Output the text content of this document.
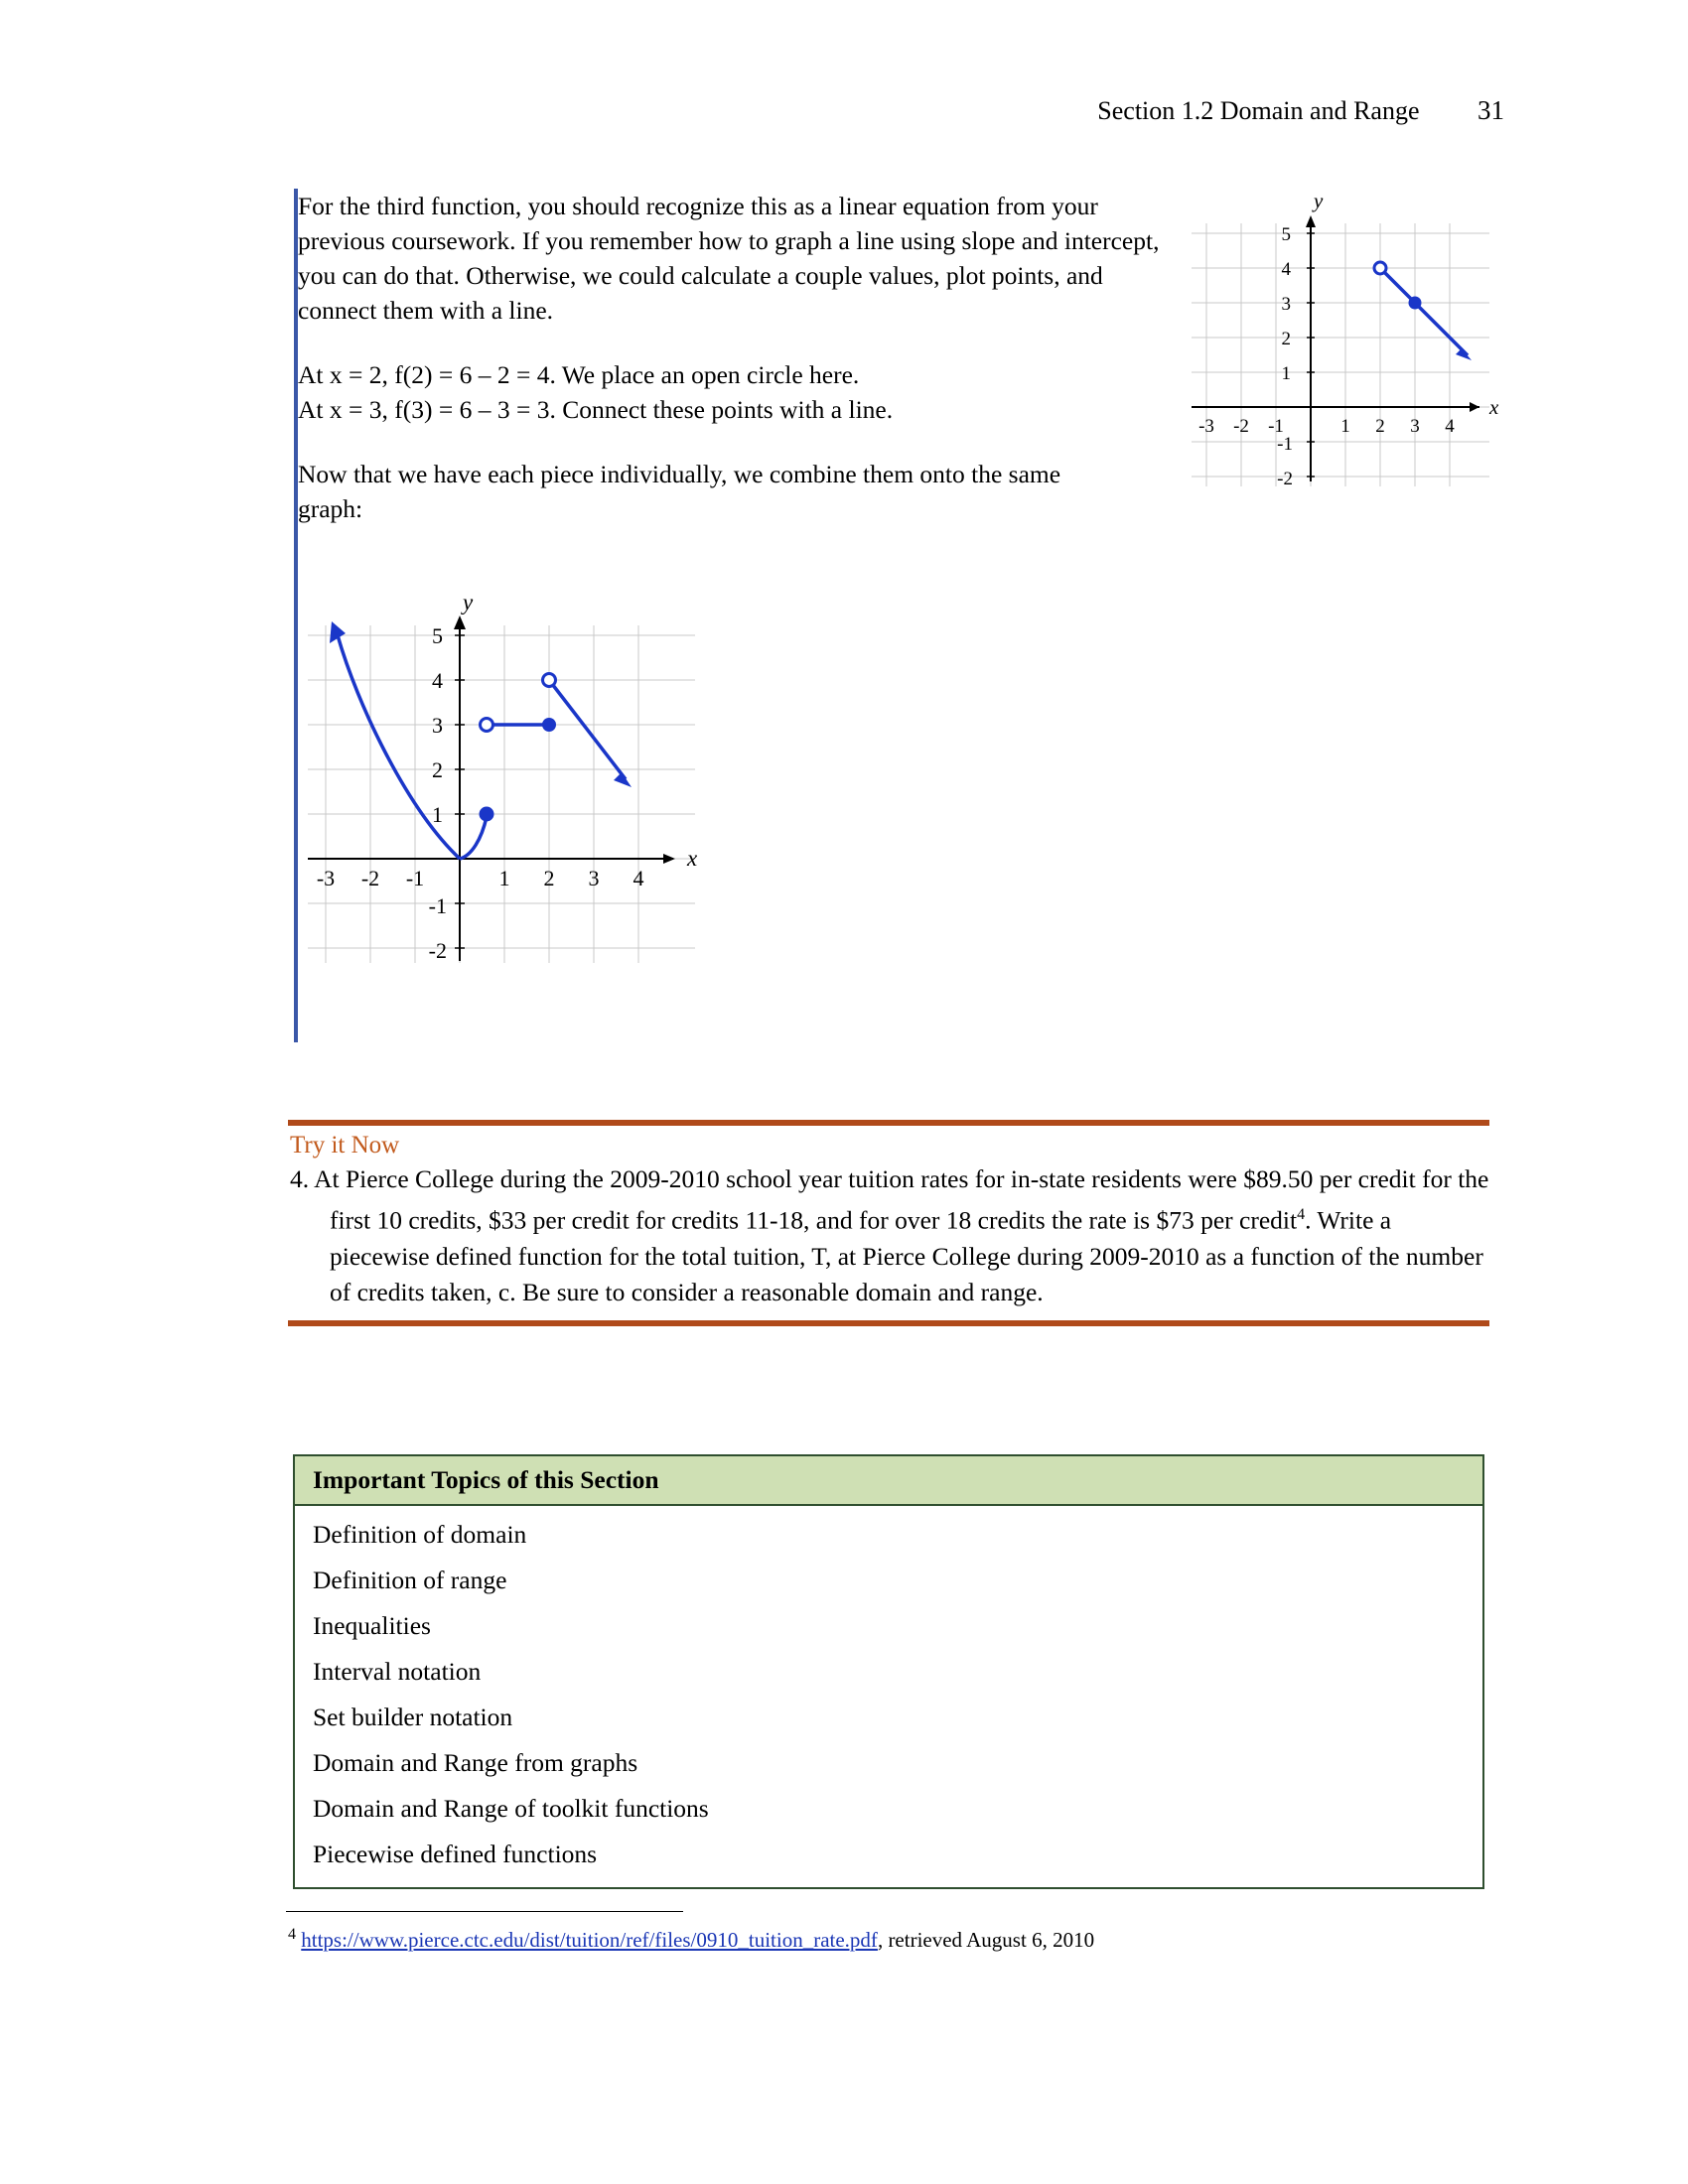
Section 1.2 Domain and Range 31
For the third function, you should recognize this as a linear equation from your previous coursework. If you remember how to graph a line using slope and intercept, you can do that. Otherwise, we could calculate a couple values, plot points, and connect them with a line.
At x = 2, f(2) = 6 – 2 = 4. We place an open circle here.
At x = 3, f(3) = 6 – 3 = 3. Connect these points with a line.
Now that we have each piece individually, we combine them onto the same graph:
5
4
3
2
1
-1
-2
-3 -2 -1	1 2 3 4
y
x
5
4
3
2
1
-1
-2
-3 -2 -1	1 2 3 4
y
x
Try it Now
4. At Pierce College during the 2009-2010 school year tuition rates for in-state residents were $89.50 per credit for the first 10 credits, $33 per credit for credits 11-18, and for over 18 credits the rate is $73 per credit$^4$. Write a piecewise defined function for the total tuition, T, at Pierce College during 2009-2010 as a function of the number of credits taken, c. Be sure to consider a reasonable domain and range.
Important Topics of this Section
Definition of domain
Definition of range
Inequalities
Interval notation
Set builder notation
Domain and Range from graphs
Domain and Range of toolkit functions
Piecewise defined functions
$^4$ https://www.pierce.ctc.edu/dist/tuition/ref/files/0910_tuition_rate.pdf, retrieved August 6, 2010
